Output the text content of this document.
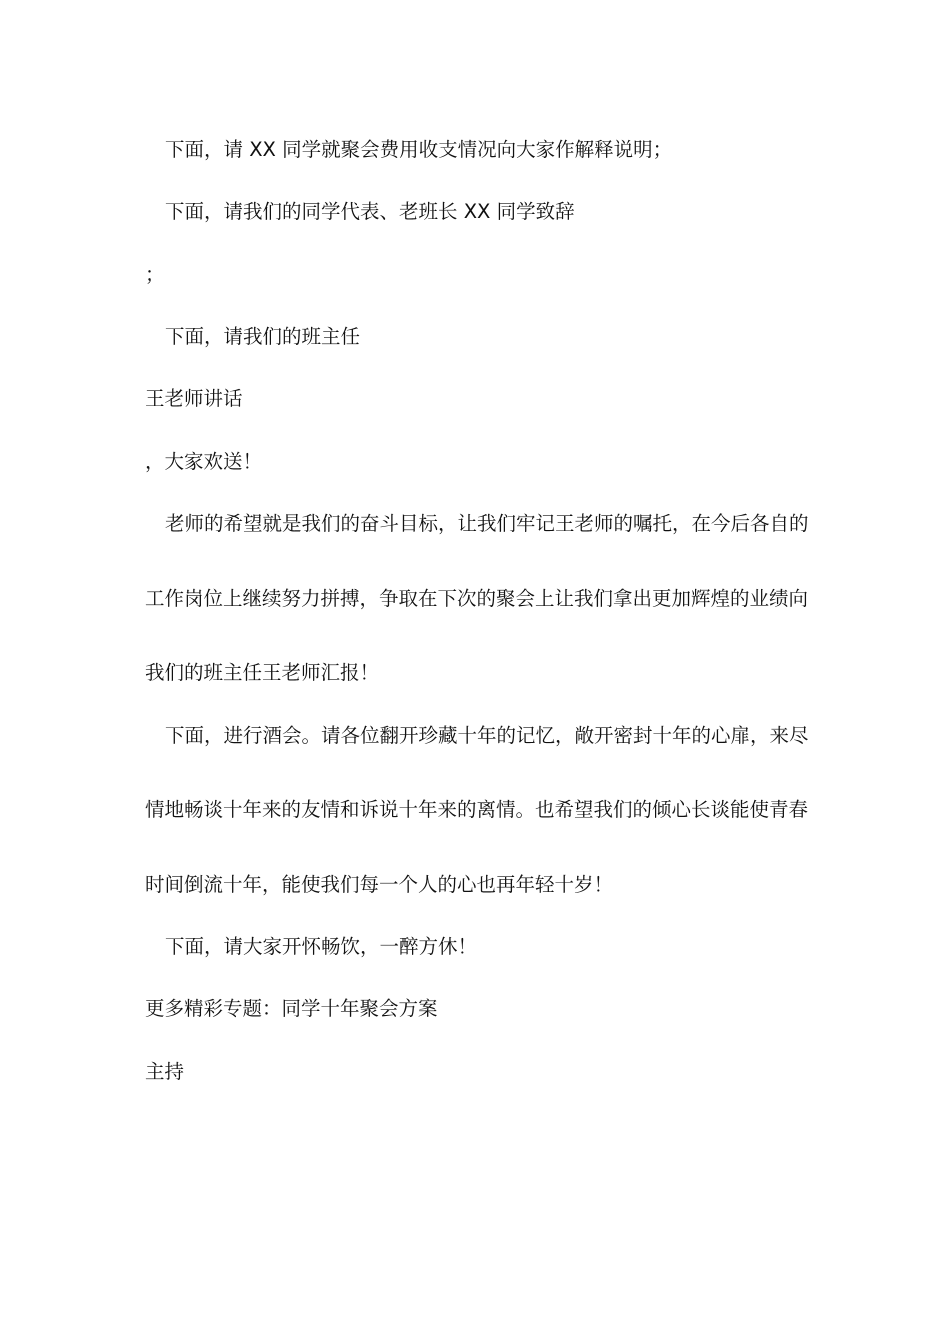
下面，请 XX 同学就聚会费用收支情况向大家作解释说明；
下面，请我们的同学代表、老班长 XX 同学致辞
；
下面，请我们的班主任
王老师讲话
，大家欢送！
老师的希望就是我们的奋斗目标，让我们牢记王老师的嘱托，在今后各自的
工作岗位上继续努力拼搏，争取在下次的聚会上让我们拿出更加辉煌的业绩向
我们的班主任王老师汇报！
下面，进行酒会。请各位翻开珍藏十年的记忆，敞开密封十年的心扉，来尽
情地畅谈十年来的友情和诉说十年来的离情。也希望我们的倾心长谈能使青春
时间倒流十年，能使我们每一个人的心也再年轻十岁！
下面，请大家开怀畅饮，一醉方休！
更多精彩专题：同学十年聚会方案
主持
